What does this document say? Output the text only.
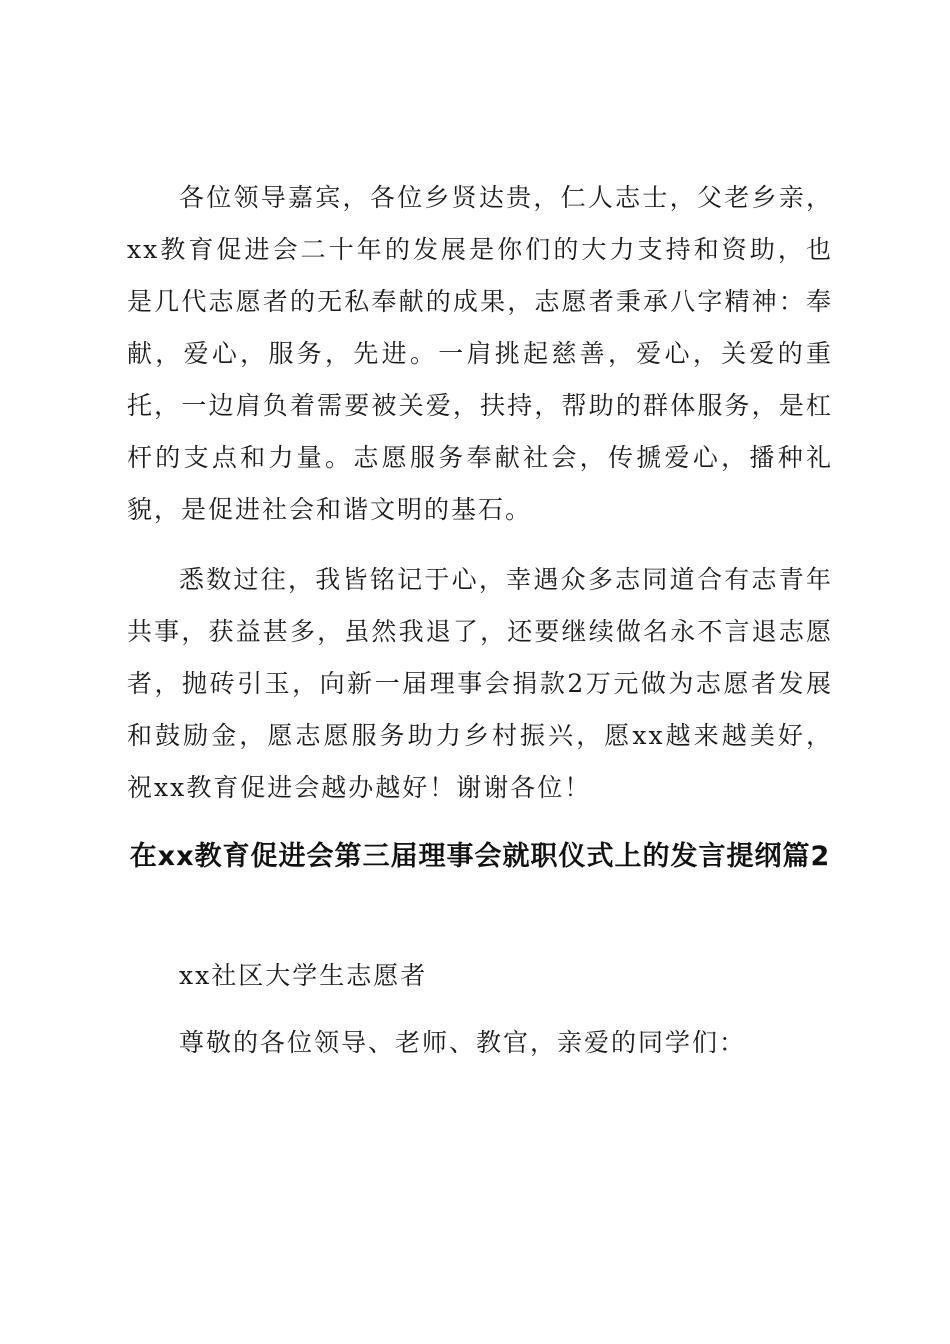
各位领导嘉宾，各位乡贤达贵，仁人志士，父老乡亲，xx教育促进会二十年的发展是你们的大力支持和资助，也是几代志愿者的无私奉献的成果，志愿者秉承八字精神：奉献，爱心，服务，先进。一肩挑起慈善，爱心，关爱的重托，一边肩负着需要被关爱，扶持，帮助的群体服务，是杠杆的支点和力量。志愿服务奉献社会，传搋爱心，播种礼貌，是促进社会和谐文明的基石。

悉数过往，我皆铭记于心，幸遇众多志同道合有志青年共事，获益甚多，虽然我退了，还要继续做名永不言退志愿者，抛砖引玉，向新一届理事会捐款2万元做为志愿者发展和鼓励金，愿志愿服务助力乡村振兴，愿xx越来越美好，祝xx教育促进会越办越好！谢谢各位！

在xx教育促进会第三届理事会就职仪式上的发言提纲篇2

xx社区大学生志愿者

尊敬的各位领导、老师、教官，亲爱的同学们：
